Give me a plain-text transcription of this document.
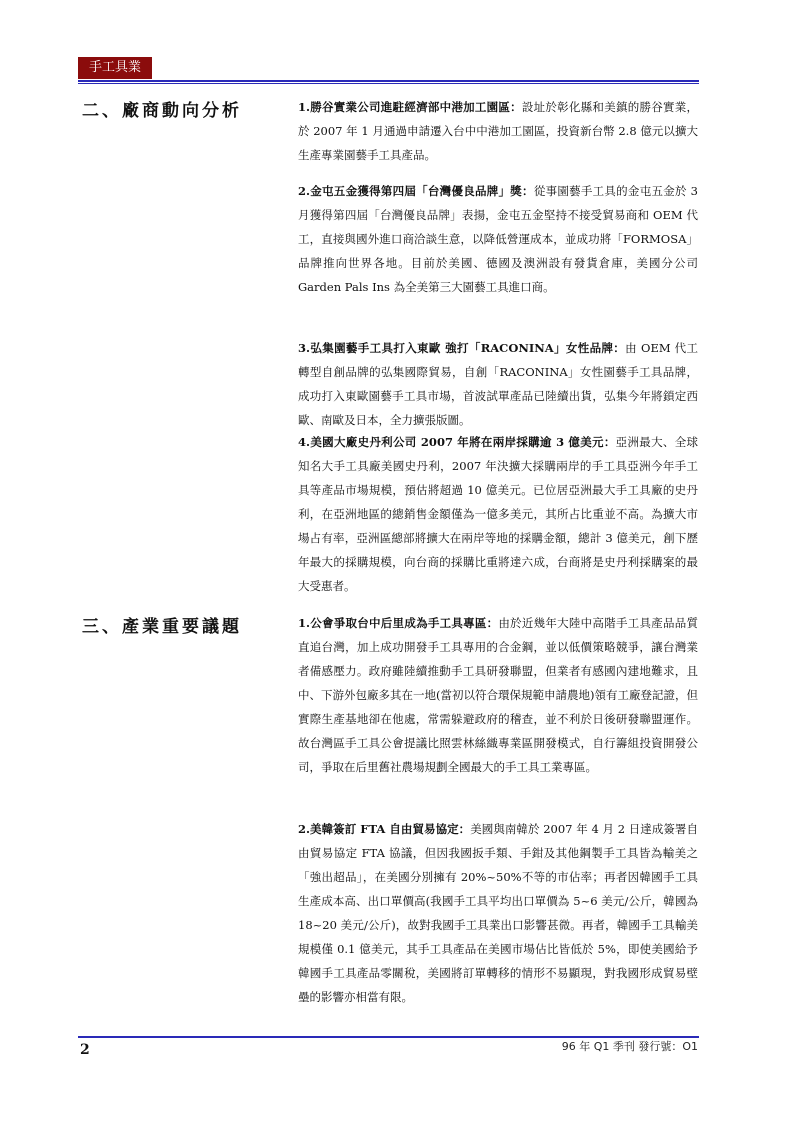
手工具業
二、廠商動向分析
三、產業重要議題

1.勝谷實業公司進駐經濟部中港加工園區：設址於彰化縣和美鎮的勝谷實業，於 2007 年 1 月通過申請遷入台中中港加工園區，投資新台幣 2.8 億元以擴大生產專業園藝手工具產品。

2.金屯五金獲得第四屆「台灣優良品牌」獎：從事園藝手工具的金屯五金於 3 月獲得第四屆「台灣優良品牌」表揚，金屯五金堅持不接受貿易商和 OEM 代工，直接與國外進口商洽談生意，以降低營運成本，並成功將「FORMOSA」品牌推向世界各地。目前於美國、德國及澳洲設有發貨倉庫，美國分公司 Garden Pals Ins 為全美第三大園藝工具進口商。

3.弘集園藝手工具打入東歐 強打「RACONINA」女性品牌：由 OEM 代工轉型自創品牌的弘集國際貿易，自創「RACONINA」女性園藝手工具品牌，成功打入東歐園藝手工具市場，首波試單產品已陸續出貨，弘集今年將鎖定西歐、南歐及日本，全力擴張版圖。

4.美國大廠史丹利公司 2007 年將在兩岸採購逾 3 億美元：亞洲最大、全球知名大手工具廠美國史丹利，2007 年決擴大採購兩岸的手工具亞洲今年手工具等產品市場規模，預估將超過 10 億美元。已位居亞洲最大手工具廠的史丹利，在亞洲地區的總銷售金額僅為一億多美元，其所占比重並不高。為擴大市場占有率，亞洲區總部將擴大在兩岸等地的採購金額，總計 3 億美元，創下歷年最大的採購規模，向台商的採購比重將達六成，台商將是史丹利採購案的最大受惠者。

1.公會爭取台中后里成為手工具專區：由於近幾年大陸中高階手工具產品品質直追台灣，加上成功開發手工具專用的合金鋼，並以低價策略競爭，讓台灣業者備感壓力。政府雖陸續推動手工具研發聯盟，但業者有感國內建地難求，且中、下游外包廠多其在一地(當初以符合環保規範申請農地)領有工廠登記證，但實際生產基地卻在他處，常需躲避政府的稽查，並不利於日後研發聯盟運作。故台灣區手工具公會提議比照雲林絲織專業區開發模式，自行籌組投資開發公司，爭取在后里舊社農場規劃全國最大的手工具工業專區。

2.美韓簽訂 FTA 自由貿易協定：美國與南韓於 2007 年 4 月 2 日達成簽署自由貿易協定 FTA 協議，但因我國扳手類、手鉗及其他鋼製手工具皆為輸美之「強出超品」，在美國分別擁有 20%~50%不等的市佔率；再者因韓國手工具生產成本高、出口單價高(我國手工具平均出口單價為 5~6 美元/公斤，韓國為 18~20 美元/公斤)，故對我國手工具業出口影響甚微。再者，韓國手工具輸美規模僅 0.1 億美元，其手工具產品在美國市場佔比皆低於 5%，即使美國給予韓國手工具產品零關稅，美國將訂單轉移的情形不易顯現，對我國形成貿易壁壘的影響亦相當有限。

2	96 年 Q1 季刊 發行號：O1
